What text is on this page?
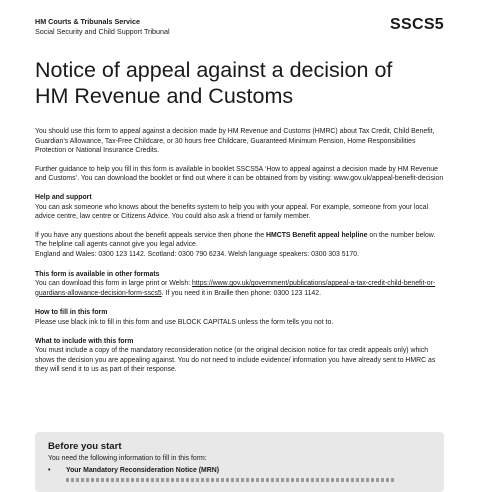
HM Courts & Tribunals Service
Social Security and Child Support Tribunal	SSCS5
Notice of appeal against a decision of
HM Revenue and Customs

You should use this form to appeal against a decision made by HM Revenue and Customs (HMRC) about Tax Credit, Child Benefit, Guardian’s Allowance, Tax-Free Childcare, or 30 hours free Childcare, Guaranteed Minimum Pension, Home Responsibilities Protection or National Insurance Credits.

Further guidance to help you fill in this form is available in booklet SSCS5A ‘How to appeal against a decision made by HM Revenue and Customs’. You can download the booklet or find out where it can be obtained from by visiting: www.gov.uk/appeal-benefit-decision

Help and support

You can ask someone who knows about the benefits system to help you with your appeal. For example, someone from your local advice centre, law centre or Citizens Advice. You could also ask a friend or family member.

If you have any questions about the benefit appeals service then phone the HMCTS Benefit appeal helpline on the number below. The helpline call agents cannot give you legal advice.
England and Wales: 0300 123 1142. Scotland: 0300 790 6234. Welsh language speakers: 0300 303 5170.
This form is available in other formats
You can download this form in large print or Welsh: https://www.gov.uk/government/publications/appeal-a-tax-credit-child-benefit-or-guardians-allowance-decision-form-sscs5. If you need it in Braille then phone: 0300 123 1142.
How to fill in this form

Please use black ink to fill in this form and use BLOCK CAPITALS unless the form tells you not to.

What to include with this form

You must include a copy of the mandatory reconsideration notice (or the original decision notice for tax credit appeals only) which shows the decision you are appealing against. You do not need to include evidence/ information you have already sent to HMRC as they will send it to us as part of their response.

Before you start
You need the following information to fill in this form:
• Your Mandatory Reconsideration Notice (MRN)
